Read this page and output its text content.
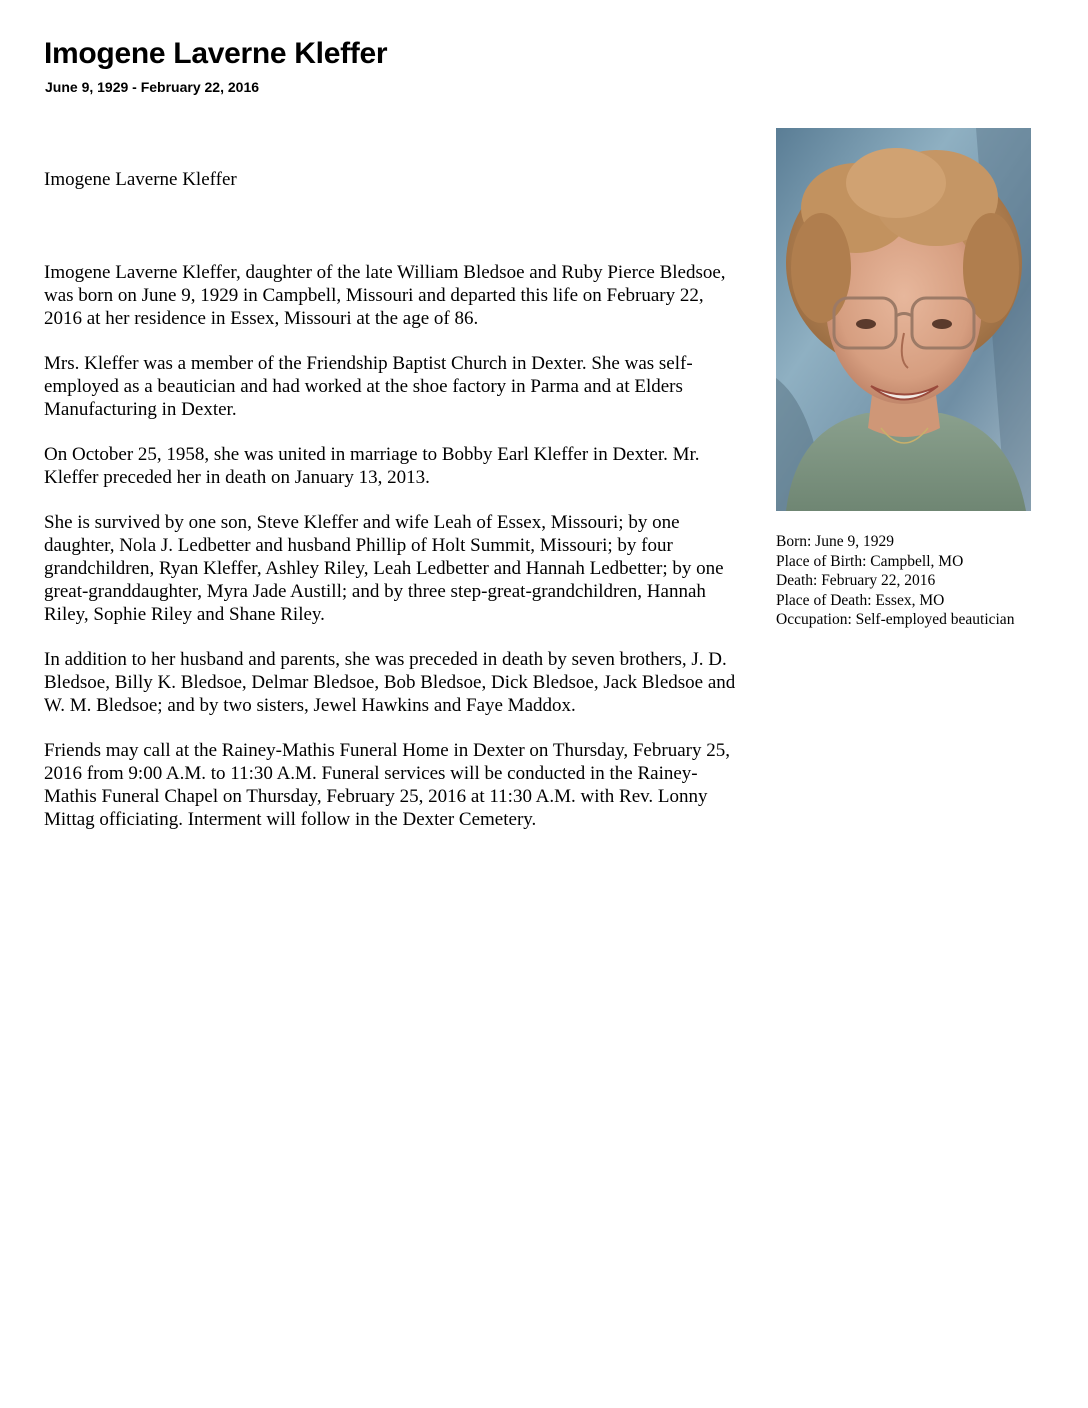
Imogene Laverne Kleffer

June 9, 1929 - February 22, 2016

Imogene Laverne Kleffer

Imogene Laverne Kleffer, daughter of the late William Bledsoe and Ruby Pierce Bledsoe, was born on June 9, 1929 in Campbell, Missouri and departed this life on February 22, 2016 at her residence in Essex, Missouri at the age of 86.

Mrs. Kleffer was a member of the Friendship Baptist Church in Dexter. She was self-employed as a beautician and had worked at the shoe factory in Parma and at Elders Manufacturing in Dexter.

On October 25, 1958, she was united in marriage to Bobby Earl Kleffer in Dexter. Mr. Kleffer preceded her in death on January 13, 2013.

She is survived by one son, Steve Kleffer and wife Leah of Essex, Missouri; by one daughter, Nola J. Ledbetter and husband Phillip of Holt Summit, Missouri; by four grandchildren, Ryan Kleffer, Ashley Riley, Leah Ledbetter and Hannah Ledbetter; by one great-granddaughter, Myra Jade Austill; and by three step-great-grandchildren, Hannah Riley, Sophie Riley and Shane Riley.

In addition to her husband and parents, she was preceded in death by seven brothers, J. D. Bledsoe, Billy K. Bledsoe, Delmar Bledsoe, Bob Bledsoe, Dick Bledsoe, Jack Bledsoe and W. M. Bledsoe; and by two sisters, Jewel Hawkins and Faye Maddox.

Friends may call at the Rainey-Mathis Funeral Home in Dexter on Thursday, February 25, 2016 from 9:00 A.M. to 11:30 A.M. Funeral services will be conducted in the Rainey-Mathis Funeral Chapel on Thursday, February 25, 2016 at 11:30 A.M. with Rev. Lonny Mittag officiating. Interment will follow in the Dexter Cemetery.

Born: June 9, 1929

Place of Birth: Campbell, MO

Death: February 22, 2016

Place of Death: Essex, MO

Occupation: Self-employed beautician
